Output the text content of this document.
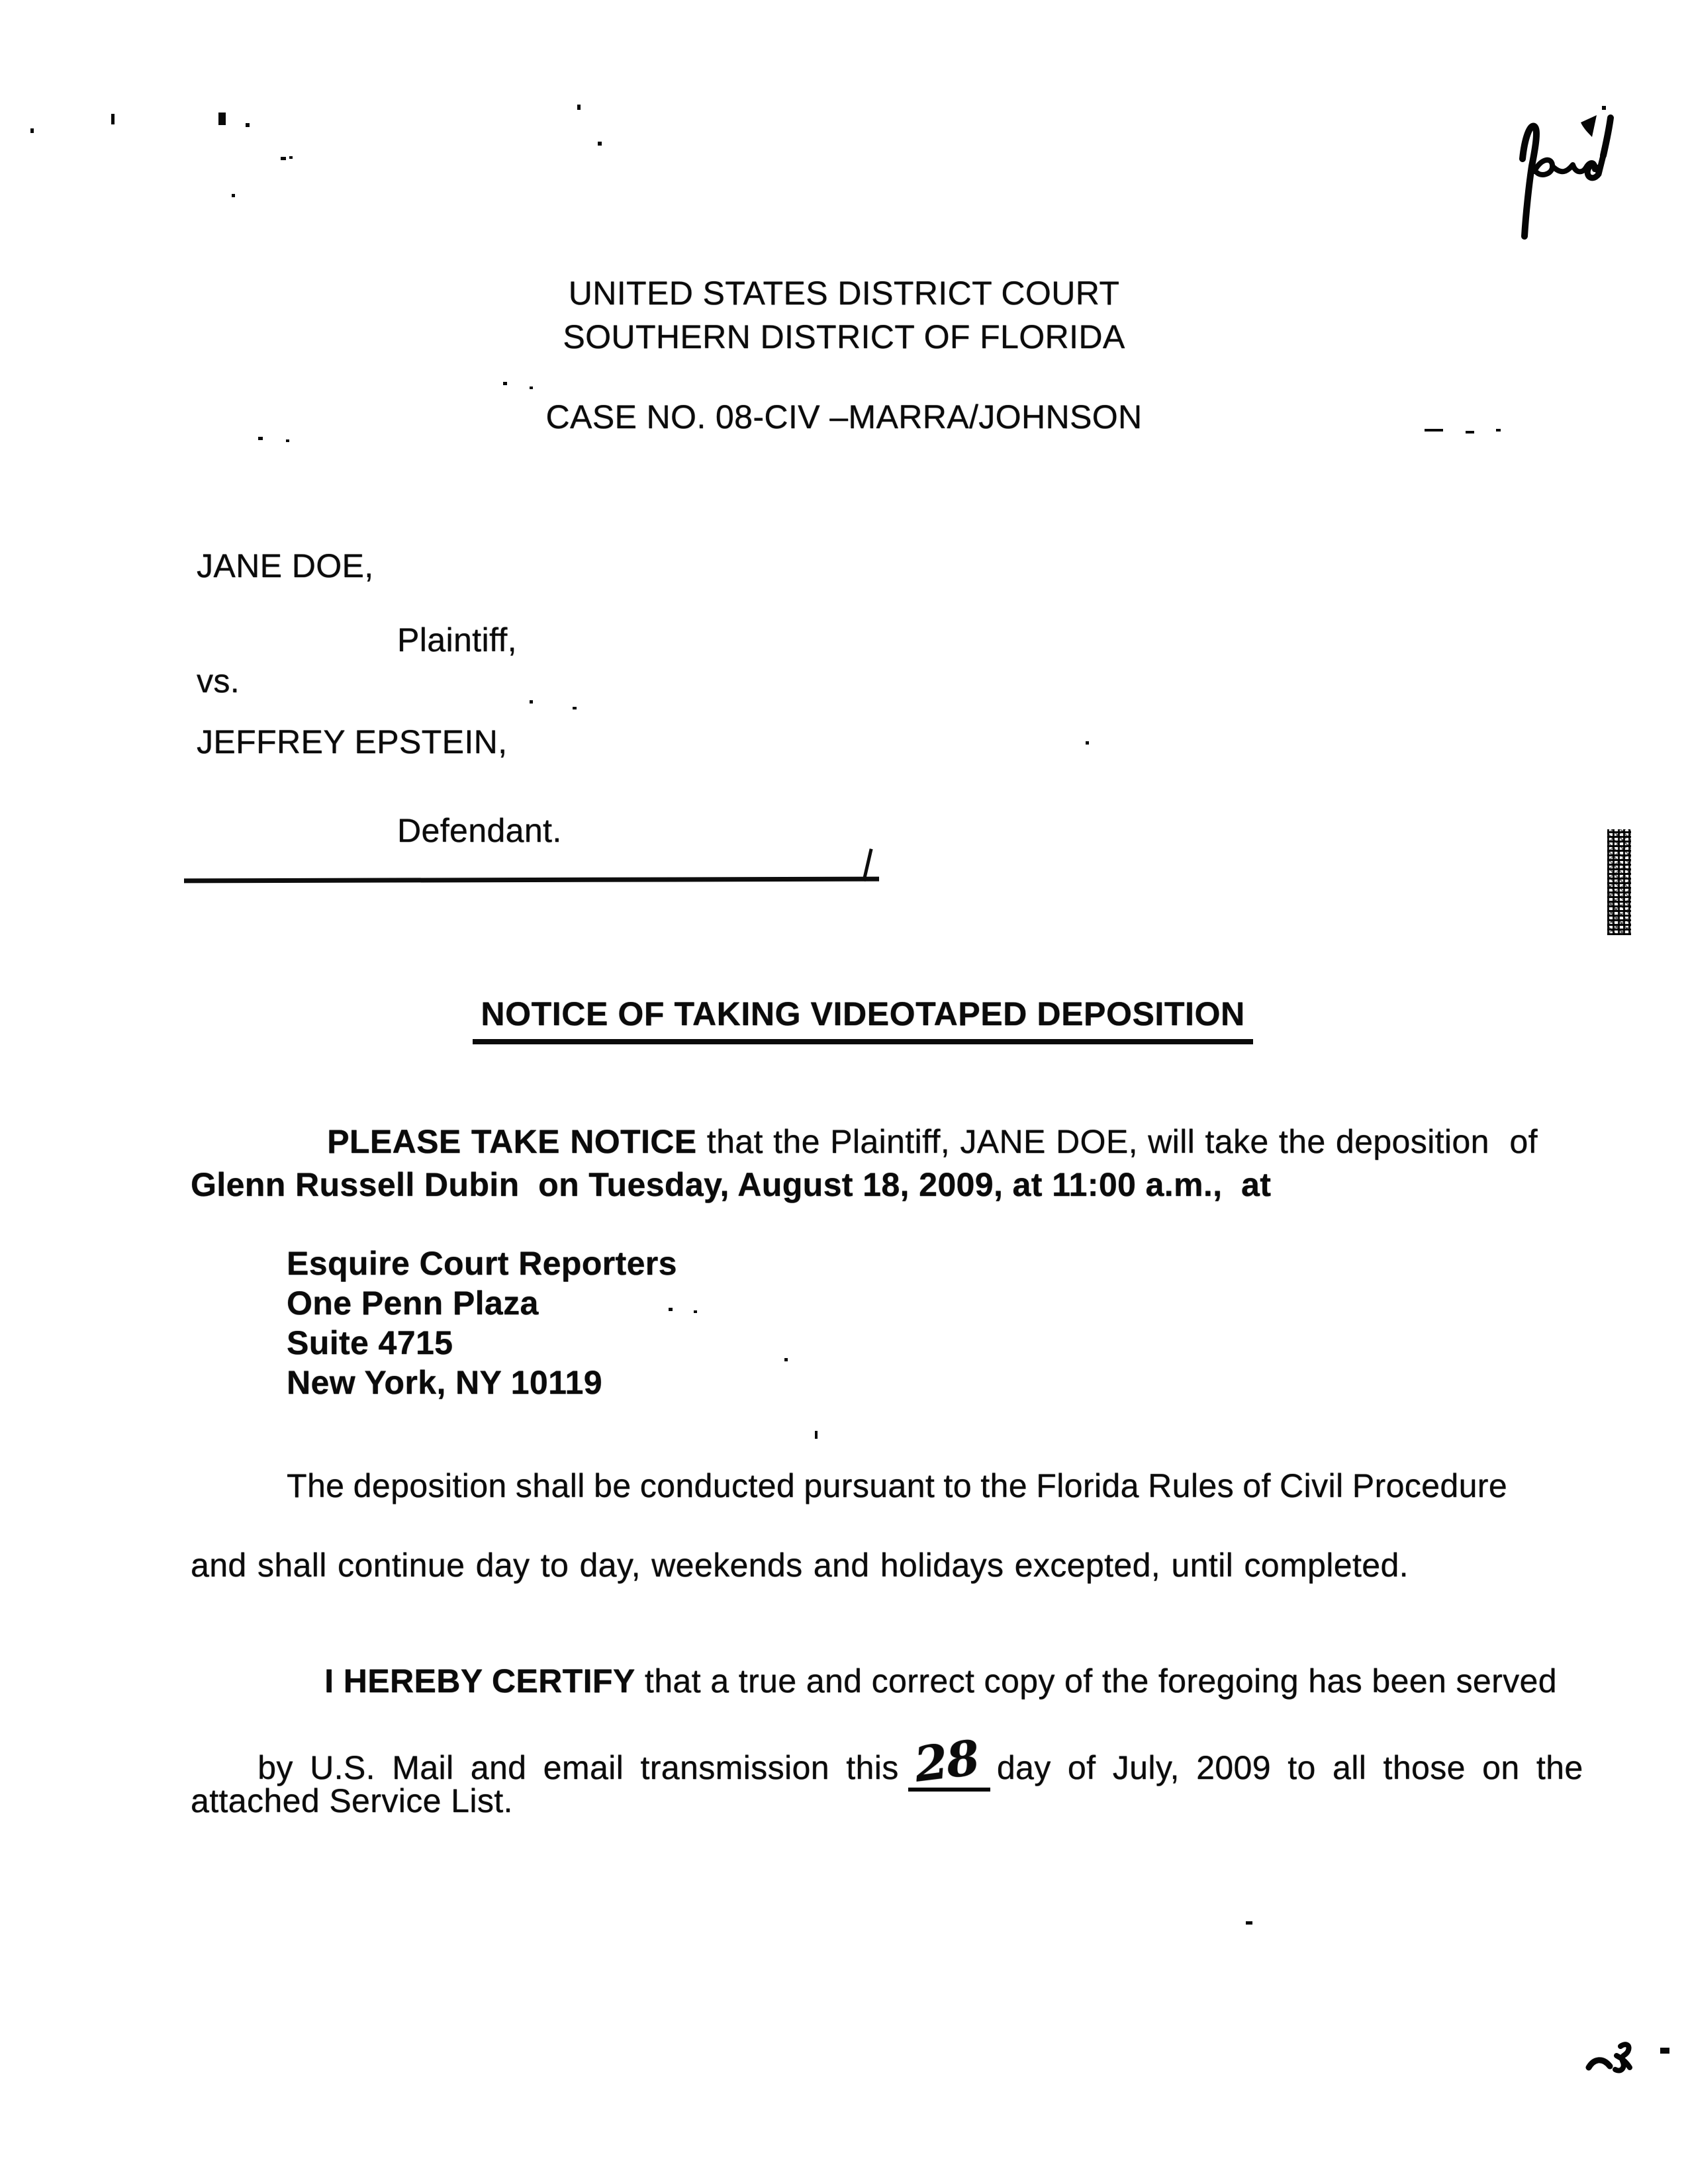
UNITED STATES DISTRICT COURT
SOUTHERN DISTRICT OF FLORIDA
CASE NO. 08-CIV –MARRA/JOHNSON
JANE DOE,
Plaintiff,
vs.
JEFFREY EPSTEIN,
Defendant.

NOTICE OF TAKING VIDEOTAPED DEPOSITION

PLEASE TAKE NOTICE that the Plaintiff, JANE DOE, will take the deposition  of

Glenn Russell Dubin  on Tuesday, August 18, 2009, at 11:00 a.m.,  at
Esquire Court Reporters
One Penn Plaza
Suite 4715
New York, NY 10119
The deposition shall be conducted pursuant to the Florida Rules of Civil Procedure
and shall continue day to day, weekends and holidays excepted, until completed.

I HEREBY CERTIFY that a true and correct copy of the foregoing has been served

by U.S. Mail and email transmission this 28 day of July, 2009 to all those on the

attached Service List.
